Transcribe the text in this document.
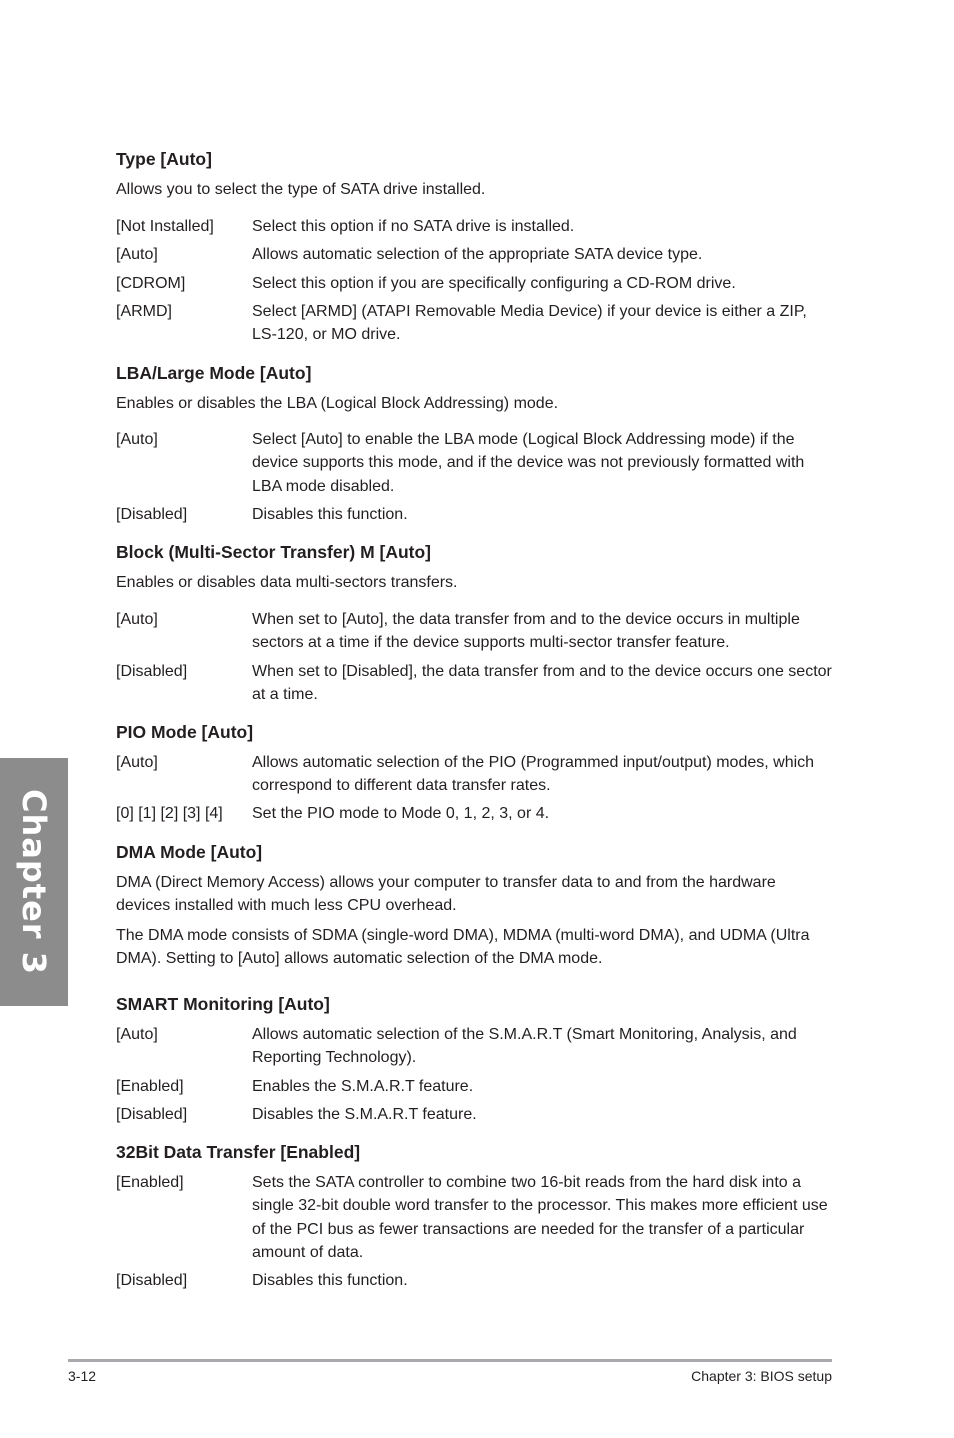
Chapter 3
Type [Auto]
Allows you to select the type of SATA drive installed.
[Not Installed] Select this option if no SATA drive is installed.
[Auto]	Allows automatic selection of the appropriate SATA device type.
[CDROM]	Select this option if you are specifically configuring a CD-ROM drive.
[ARMD]	Select [ARMD] (ATAPI Removable Media Device) if your device is either a ZIP, LS-120, or MO drive.
LBA/Large Mode [Auto]
Enables or disables the LBA (Logical Block Addressing) mode.
[Auto]	Select [Auto] to enable the LBA mode (Logical Block Addressing mode) if the device supports this mode, and if the device was not previously formatted with LBA mode disabled.
[Disabled]	Disables this function.
Block (Multi-Sector Transfer) M [Auto]
Enables or disables data multi-sectors transfers.
[Auto]	When set to [Auto], the data transfer from and to the device occurs in multiple sectors at a time if the device supports multi-sector transfer feature.
[Disabled]	When set to [Disabled], the data transfer from and to the device occurs one sector at a time.
PIO Mode [Auto]
[Auto]	Allows automatic selection of the PIO (Programmed input/output) modes, which correspond to different data transfer rates.
[0] [1] [2] [3] [4] Set the PIO mode to Mode 0, 1, 2, 3, or 4.
DMA Mode [Auto]
DMA (Direct Memory Access) allows your computer to transfer data to and from the hardware devices installed with much less CPU overhead.
The DMA mode consists of SDMA (single-word DMA), MDMA (multi-word DMA), and UDMA (Ultra DMA). Setting to [Auto] allows automatic selection of the DMA mode.
SMART Monitoring [Auto]
[Auto]	Allows automatic selection of the S.M.A.R.T (Smart Monitoring, Analysis, and Reporting Technology).
[Enabled]	Enables the S.M.A.R.T feature.
[Disabled]	Disables the S.M.A.R.T feature.
32Bit Data Transfer [Enabled]
[Enabled]	Sets the SATA controller to combine two 16-bit reads from the hard disk into a single 32-bit double word transfer to the processor. This makes more efficient use of the PCI bus as fewer transactions are needed for the transfer of a particular amount of data.
[Disabled]	Disables this function.
3-12	Chapter 3: BIOS setup
